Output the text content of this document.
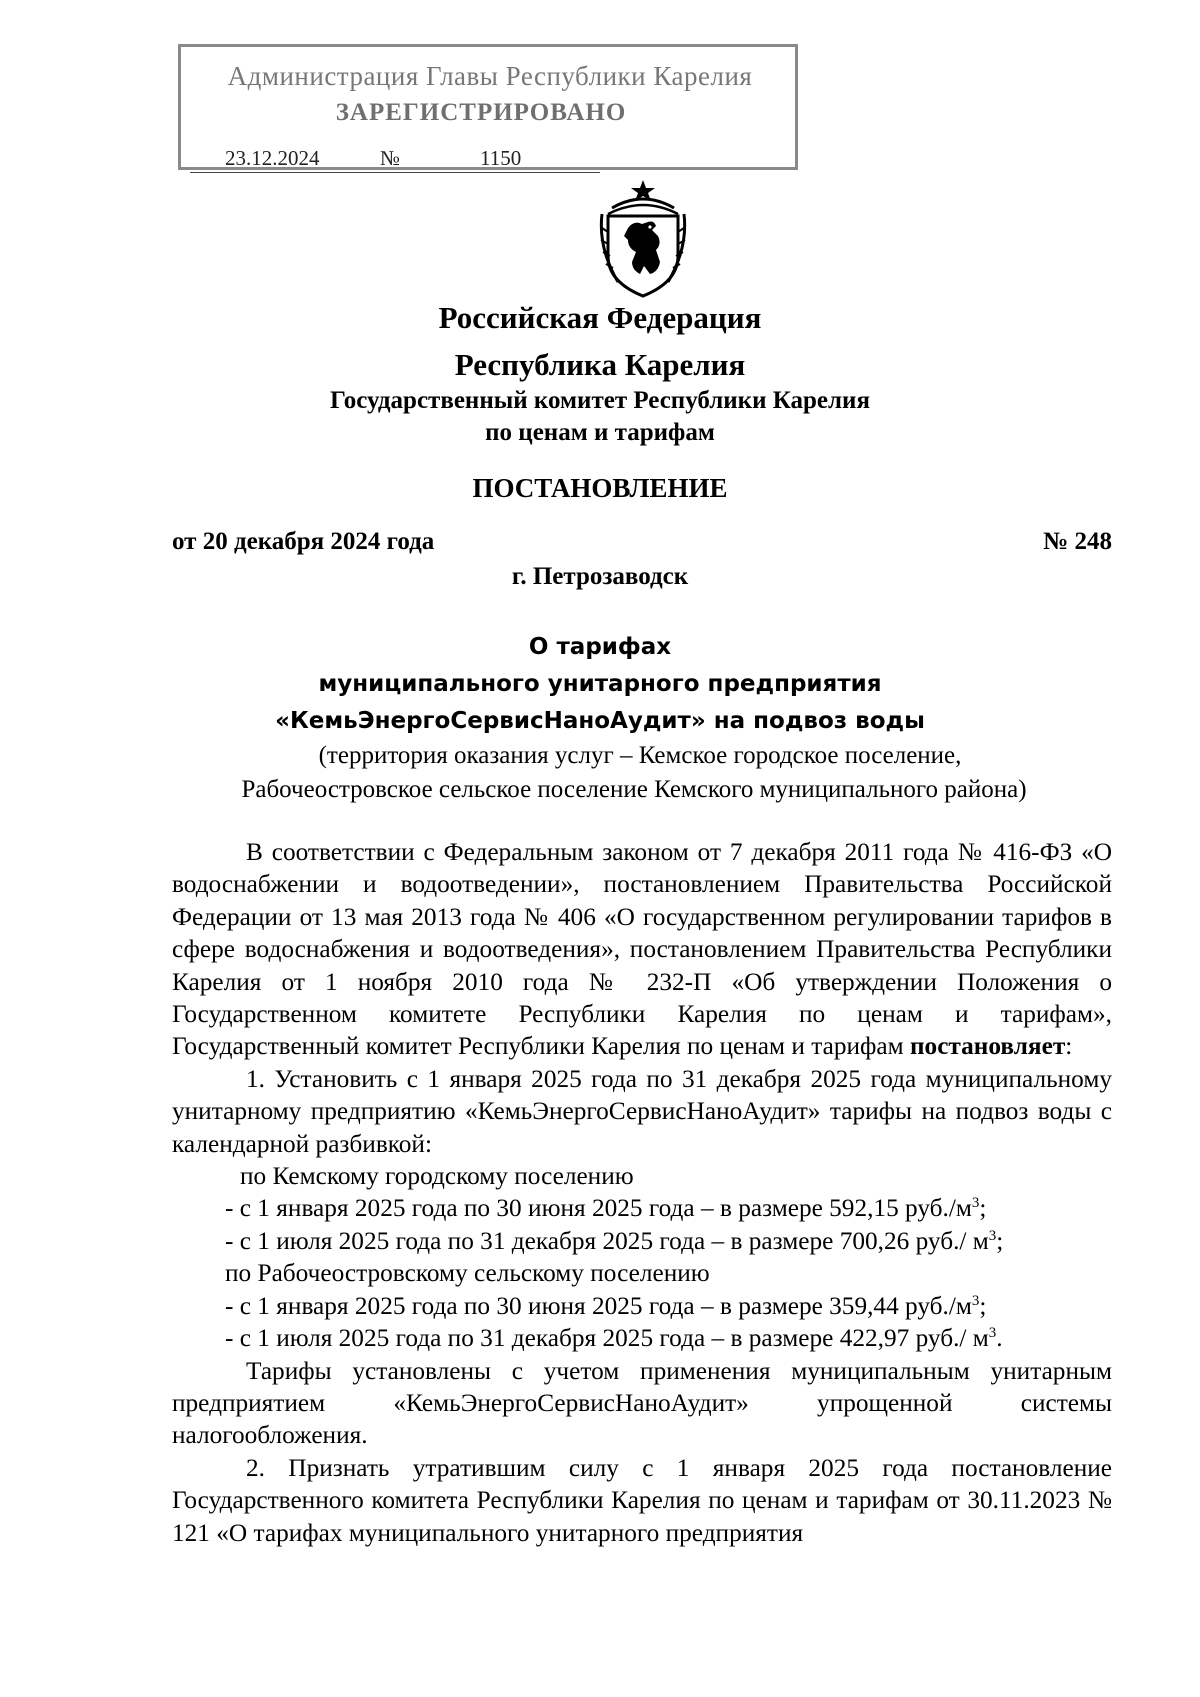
Администрация Главы Республики Карелия
ЗАРЕГИСТРИРОВАНО
23.12.2024	№	1150
Российская Федерация
Республика Карелия
Государственный комитет Республики Карелия
по ценам и тарифам
ПОСТАНОВЛЕНИЕ
от 20 декабря 2024 года	№ 248
г. Петрозаводск
О тарифах
муниципального унитарного предприятия
«КемьЭнергоСервисНаноАудит» на подвоз воды
(территория оказания услуг – Кемское городское поселение,
Рабочеостровское сельское поселение Кемского муниципального района)

В соответствии с Федеральным законом от 7 декабря 2011 года № 416-ФЗ «О водоснабжении и водоотведении», постановлением Правительства Российской Федерации от 13 мая 2013 года № 406 «О государственном регулировании тарифов в сфере водоснабжения и водоотведения», постановлением Правительства Республики Карелия от 1 ноября 2010 года № 232-П «Об утверждении Положения о Государственном комитете Республики Карелия по ценам и тарифам», Государственный комитет Республики Карелия по ценам и тарифам постановляет:

1. Установить с 1 января 2025 года по 31 декабря 2025 года муниципальному унитарному предприятию «КемьЭнергоСервисНаноАудит» тарифы на подвоз воды с календарной разбивкой:

по Кемскому городскому поселению

- с 1 января 2025 года по 30 июня 2025 года – в размере 592,15 $руб./м^3$;

- с 1 июля 2025 года по 31 декабря 2025 года – в размере 700,26 руб./ $м^3$;

по Рабочеостровскому сельскому поселению

- с 1 января 2025 года по 30 июня 2025 года – в размере 359,44 $руб./м^3$;

- с 1 июля 2025 года по 31 декабря 2025 года – в размере 422,97 руб./ $м^3$.

Тарифы установлены с учетом применения муниципальным унитарным предприятием «КемьЭнергоСервисНаноАудит» упрощенной системы налогообложения.

2. Признать утратившим силу с 1 января 2025 года постановление Государственного комитета Республики Карелия по ценам и тарифам от 30.11.2023 № 121 «О тарифах муниципального унитарного предприятия
